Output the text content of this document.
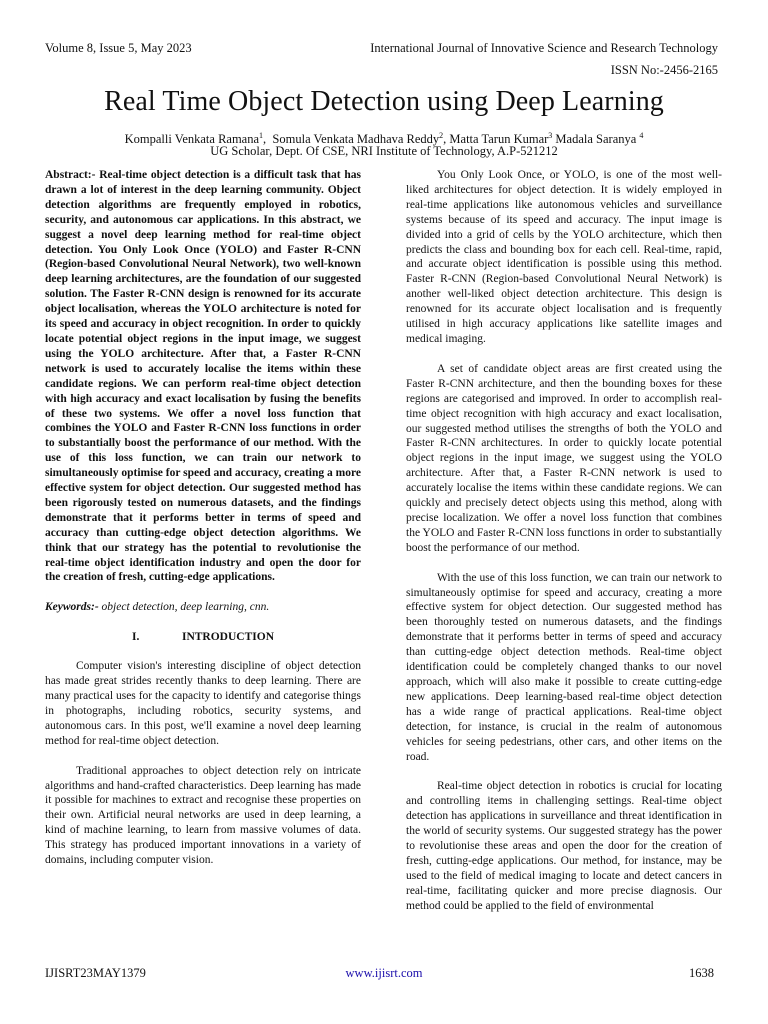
Volume 8, Issue 5, May 2023	International Journal of Innovative Science and Research Technology
ISSN No:-2456-2165
Real Time Object Detection using Deep Learning
Kompalli Venkata Ramana$^1$,  Somula Venkata Madhava Reddy$^2$, Matta Tarun Kumar$^3$ Madala Saranya $^4$
UG Scholar, Dept. Of CSE, NRI Institute of Technology, A.P-521212

Abstract:- Real-time object detection is a difficult task that has drawn a lot of interest in the deep learning community. Object detection algorithms are frequently employed in robotics, security, and autonomous car applications. In this abstract, we suggest a novel deep learning method for real-time object detection. You Only Look Once (YOLO) and Faster R-CNN (Region-based Convolutional Neural Network), two well-known deep learning architectures, are the foundation of our suggested solution. The Faster R-CNN design is renowned for its accurate object localisation, whereas the YOLO architecture is noted for its speed and accuracy in object recognition. In order to quickly locate potential object regions in the input image, we suggest using the YOLO architecture. After that, a Faster R-CNN network is used to accurately localise the items within these candidate regions. We can perform real-time object detection with high accuracy and exact localisation by fusing the benefits of these two systems. We offer a novel loss function that combines the YOLO and Faster R-CNN loss functions in order to substantially boost the performance of our method. With the use of this loss function, we can train our network to simultaneously optimise for speed and accuracy, creating a more effective system for object detection. Our suggested method has been rigorously tested on numerous datasets, and the findings demonstrate that it performs better in terms of speed and accuracy than cutting-edge object detection algorithms. We think that our strategy has the potential to revolutionise the real-time object identification industry and open the door for the creation of fresh, cutting-edge applications.

Keywords:- object detection, deep learning, cnn.

I.	INTRODUCTION

Computer vision's interesting discipline of object detection has made great strides recently thanks to deep learning. There are many practical uses for the capacity to identify and categorise things in photographs, including robotics, security systems, and autonomous cars. In this post, we'll examine a novel deep learning method for real-time object detection.

Traditional approaches to object detection rely on intricate algorithms and hand-crafted characteristics. Deep learning has made it possible for machines to extract and recognise these properties on their own. Artificial neural networks are used in deep learning, a kind of machine learning, to learn from massive volumes of data. This strategy has produced important innovations in a variety of domains, including computer vision.

You Only Look Once, or YOLO, is one of the most well-liked architectures for object detection. It is widely employed in real-time applications like autonomous vehicles and surveillance systems because of its speed and accuracy. The input image is divided into a grid of cells by the YOLO architecture, which then predicts the class and bounding box for each cell. Real-time, rapid, and accurate object identification is possible using this method. Faster R-CNN (Region-based Convolutional Neural Network) is another well-liked object detection architecture. This design is renowned for its accurate object localisation and is frequently utilised in high accuracy applications like satellite images and medical imaging.

A set of candidate object areas are first created using the Faster R-CNN architecture, and then the bounding boxes for these regions are categorised and improved. In order to accomplish real-time object recognition with high accuracy and exact localisation, our suggested method utilises the strengths of both the YOLO and Faster R-CNN architectures. In order to quickly locate potential object regions in the input image, we suggest using the YOLO architecture. After that, a Faster R-CNN network is used to accurately localise the items within these candidate regions. We can quickly and precisely detect objects using this method, along with precise localization. We offer a novel loss function that combines the YOLO and Faster R-CNN loss functions in order to substantially boost the performance of our method.

With the use of this loss function, we can train our network to simultaneously optimise for speed and accuracy, creating a more effective system for object detection. Our suggested method has been thoroughly tested on numerous datasets, and the findings demonstrate that it performs better in terms of speed and accuracy than cutting-edge object detection methods. Real-time object identification could be completely changed thanks to our novel approach, which will also make it possible to create cutting-edge new applications. Deep learning-based real-time object detection has a wide range of practical applications. Real-time object detection, for instance, is crucial in the realm of autonomous vehicles for seeing pedestrians, other cars, and other items on the road.

Real-time object detection in robotics is crucial for locating and controlling items in challenging settings. Real-time object detection has applications in surveillance and threat identification in the world of security systems. Our suggested strategy has the power to revolutionise these areas and open the door for the creation of fresh, cutting-edge applications. Our method, for instance, may be used to the field of medical imaging to locate and detect cancers in real-time, facilitating quicker and more precise diagnosis. Our method could be applied to the field of environmental

IJISRT23MAY1379	www.ijisrt.com	1638
